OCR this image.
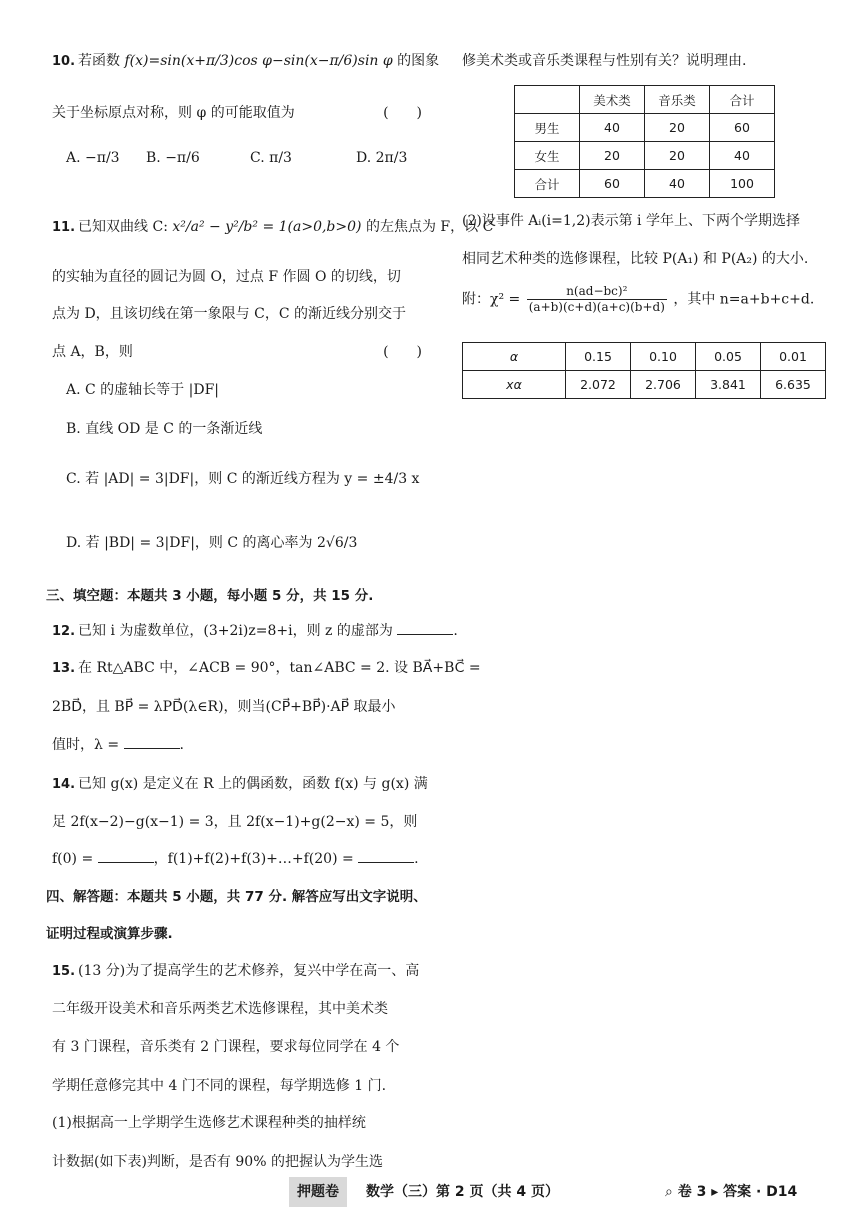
10. 若函数 f(x)=sin(x+π/3)cos φ−sin(x−π/6)sin φ 的图象
关于坐标原点对称，则 φ 的可能取值为	(　　)
A. −π/3 B. −π/6	C. π/3	D. 2π/3
11. 已知双曲线 C: x²/a² − y²/b² = 1(a>0,b>0) 的左焦点为 F，以 C
的实轴为直径的圆记为圆 O，过点 F 作圆 O 的切线，切
点为 D，且该切线在第一象限与 C，C 的渐近线分别交于
点 A，B，则	(　　)
A. C 的虚轴长等于 |DF|
B. 直线 OD 是 C 的一条渐近线
C. 若 |AD| = 3|DF|，则 C 的渐近线方程为 y = ±4/3 x
D. 若 |BD| = 3|DF|，则 C 的离心率为 2√6/3
三、填空题：本题共 3 小题，每小题 5 分，共 15 分.
12. 已知 i 为虚数单位，(3+2i)z=8+i，则 z 的虚部为	.
13. 在 Rt△ABC 中，∠ACB = 90°，tan∠ABC = 2. 设 BA⃗+BC⃗ =
2BD⃗，且 BP⃗ = λPD⃗(λ∈R)，则当(CP⃗+BP⃗)·AP⃗ 取最小
值时，λ =	.
14. 已知 g(x) 是定义在 R 上的偶函数，函数 f(x) 与 g(x) 满
足 2f(x−2)−g(x−1) = 3，且 2f(x−1)+g(2−x) = 5，则
f(0) =	，f(1)+f(2)+f(3)+…+f(20) =	.
四、解答题：本题共 5 小题，共 77 分. 解答应写出文字说明、
证明过程或演算步骤.
15. (13 分)为了提高学生的艺术修养，复兴中学在高一、高
二年级开设美术和音乐两类艺术选修课程，其中美术类
有 3 门课程，音乐类有 2 门课程，要求每位同学在 4 个
学期任意修完其中 4 门不同的课程，每学期选修 1 门.
(1)根据高一上学期学生选修艺术课程种类的抽样统
计数据(如下表)判断，是否有 90% 的把握认为学生选
修美术类或音乐类课程与性别有关？说明理由.
	美术类	音乐类	合计
男生	40	20	60
女生	20	20	40
合计	60	40	100
(2)设事件 Aᵢ(i=1,2)表示第 i 学年上、下两个学期选择
相同艺术种类的选修课程，比较 P(A₁) 和 P(A₂) 的大小.
附：$\chi^2 = \frac{\text{n(ad−bc)²}}{(a+b)(c+d)(a+c)(b+d)}$ ，其中 n=a+b+c+d.
α	0.15	0.10	0.05	0.01
xα	2.072	2.706	3.841	6.635
押题卷	数学（三）第 2 页（共 4 页）	⌕ 卷 3 ▸ 答案 · D14
